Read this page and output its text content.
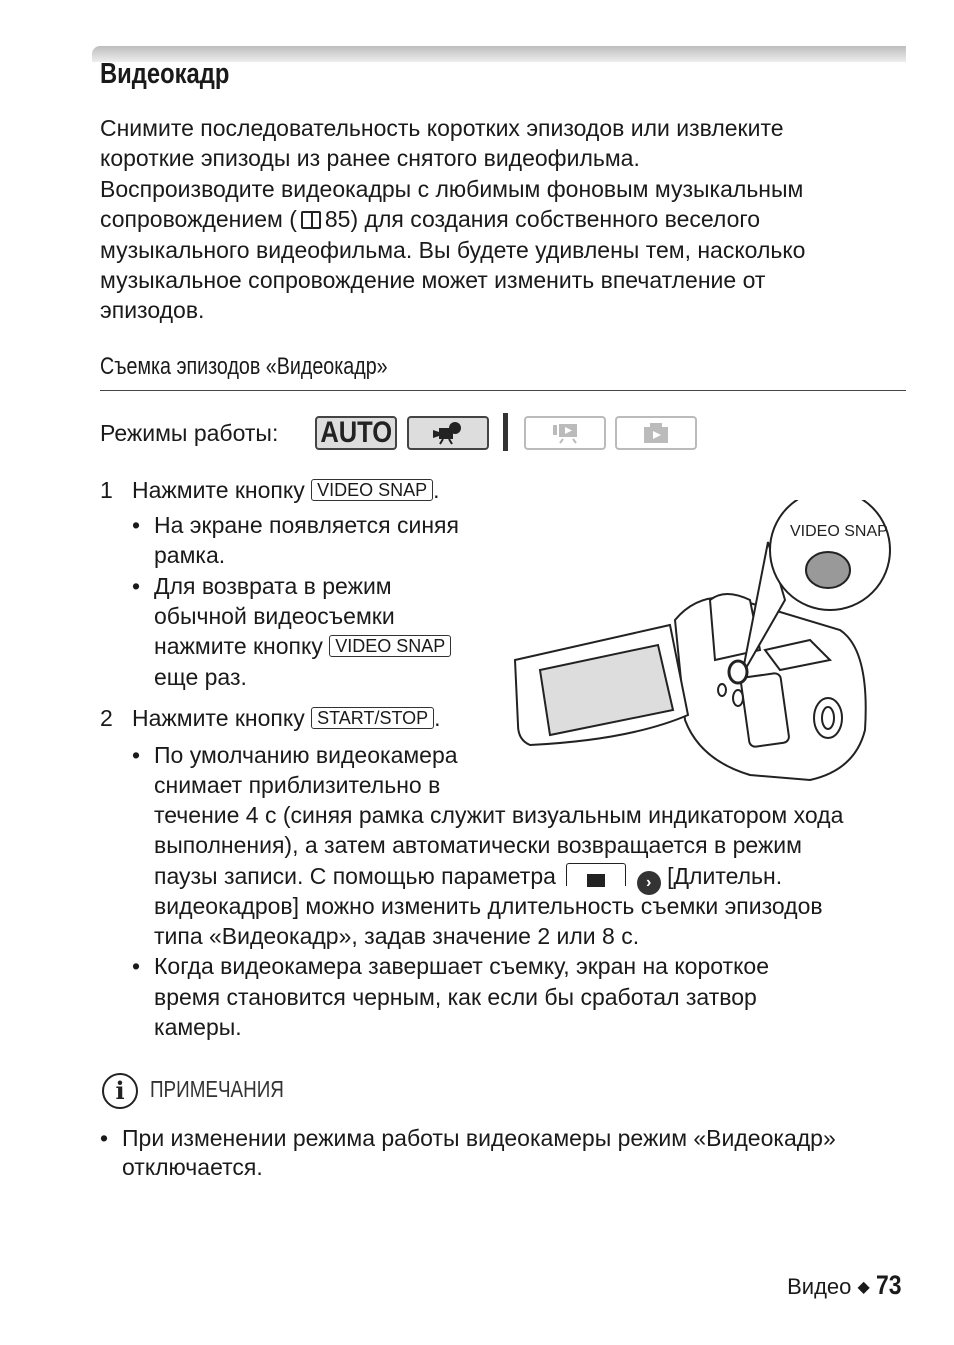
Видеокадр
Снимите последовательность коротких эпизодов или извлеките
короткие эпизоды из ранее снятого видеофильма.
Воспроизводите видеокадры с любимым фоновым музыкальным
сопровождением ( 85) для создания собственного веселого
музыкального видеофильма. Вы будете удивлены тем, насколько
музыкальное сопровождение может изменить впечатление от
эпизодов.
Съемка эпизодов «Видеокадр»
Режимы работы: AUTO
1 Нажмите кнопку VIDEO SNAP .
• На экране появляется синяя
рамка.
• Для возврата в режим
обычной видеосъемки
нажмите кнопку VIDEO SNAP
еще раз.
2 Нажмите кнопку START/STOP .
• По умолчанию видеокамера
снимает приблизительно в
течение 4 с (синяя рамка служит визуальным индикатором хода
выполнения), а затем автоматически возвращается в режим
паузы записи. С помощью параметра	› [Длительн.
видеокадров] можно изменить длительность съемки эпизодов
типа «Видеокадр», задав значение 2 или 8 с.
• Когда видеокамера завершает съемку, экран на короткое
время становится черным, как если бы сработал затвор
камеры.
VIDEO SNAP
i	ПРИМЕЧАНИЯ
• При изменении режима работы видеокамеры режим «Видеокадр»
отключается.
Видео ◆ 73
